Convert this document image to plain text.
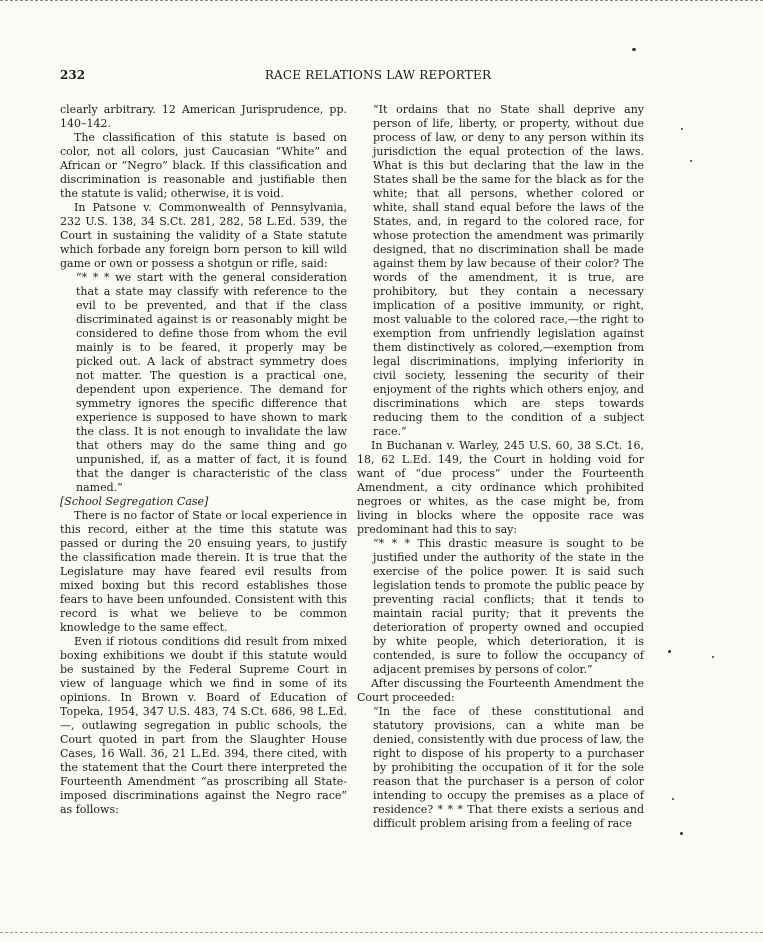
232	RACE RELATIONS LAW REPORTER

clearly arbitrary. 12 American Jurisprudence, pp. 140–142.

The classification of this statute is based on color, not all colors, just Caucasian “White” and African or “Negro” black. If this classification and discrimination is reasonable and justifiable then the statute is valid; otherwise, it is void.

In Patsone v. Commonwealth of Pennsylvania, 232 U.S. 138, 34 S.Ct. 281, 282, 58 L.Ed. 539, the Court in sustaining the validity of a State statute which forbade any foreign born person to kill wild game or own or possess a shotgun or rifle, said:

“* * * we start with the general consideration that a state may classify with reference to the evil to be prevented, and that if the class discriminated against is or reasonably might be considered to define those from whom the evil mainly is to be feared, it properly may be picked out. A lack of abstract symmetry does not matter. The question is a practical one, dependent upon experience. The demand for symmetry ignores the specific difference that experience is supposed to have shown to mark the class. It is not enough to invalidate the law that others may do the same thing and go unpunished, if, as a matter of fact, it is found that the danger is characteristic of the class named.”

[School Segregation Case]

There is no factor of State or local experience in this record, either at the time this statute was passed or during the 20 ensuing years, to justify the classification made therein. It is true that the Legislature may have feared evil results from mixed boxing but this record establishes those fears to have been unfounded. Consistent with this record is what we believe to be common knowledge to the same effect.

Even if riotous conditions did result from mixed boxing exhibitions we doubt if this statute would be sustained by the Federal Supreme Court in view of language which we find in some of its opinions. In Brown v. Board of Education of Topeka, 1954, 347 U.S. 483, 74 S.Ct. 686, 98 L.Ed.—, outlawing segregation in public schools, the Court quoted in part from the Slaughter House Cases, 16 Wall. 36, 21 L.Ed. 394, there cited, with the statement that the Court there interpreted the Fourteenth Amendment “as proscribing all State-imposed discriminations against the Negro race” as follows:

“It ordains that no State shall deprive any person of life, liberty, or property, without due process of law, or deny to any person within its jurisdiction the equal protection of the laws. What is this but declaring that the law in the States shall be the same for the black as for the white; that all persons, whether colored or white, shall stand equal before the laws of the States, and, in regard to the colored race, for whose protection the amendment was primarily designed, that no discrimination shall be made against them by law because of their color? The words of the amendment, it is true, are prohibitory, but they contain a necessary implication of a positive immunity, or right, most valuable to the colored race,—the right to exemption from unfriendly legislation against them distinctively as colored,—exemption from legal discriminations, implying inferiority in civil society, lessening the security of their enjoyment of the rights which others enjoy, and discriminations which are steps towards reducing them to the condition of a subject race.”

In Buchanan v. Warley, 245 U.S. 60, 38 S.Ct. 16, 18, 62 L.Ed. 149, the Court in holding void for want of “due process” under the Fourteenth Amendment, a city ordinance which prohibited negroes or whites, as the case might be, from living in blocks where the opposite race was predominant had this to say:

“* * * This drastic measure is sought to be justified under the authority of the state in the exercise of the police power. It is said such legislation tends to promote the public peace by preventing racial conflicts; that it tends to maintain racial purity; that it prevents the deterioration of property owned and occupied by white people, which deterioration, it is contended, is sure to follow the occupancy of adjacent premises by persons of color.”

After discussing the Fourteenth Amendment the Court proceeded:

“In the face of these constitutional and statutory provisions, can a white man be denied, consistently with due process of law, the right to dispose of his property to a purchaser by prohibiting the occupation of it for the sole reason that the purchaser is a person of color intending to occupy the premises as a place of residence? * * * That there exists a serious and difficult problem arising from a feeling of race
